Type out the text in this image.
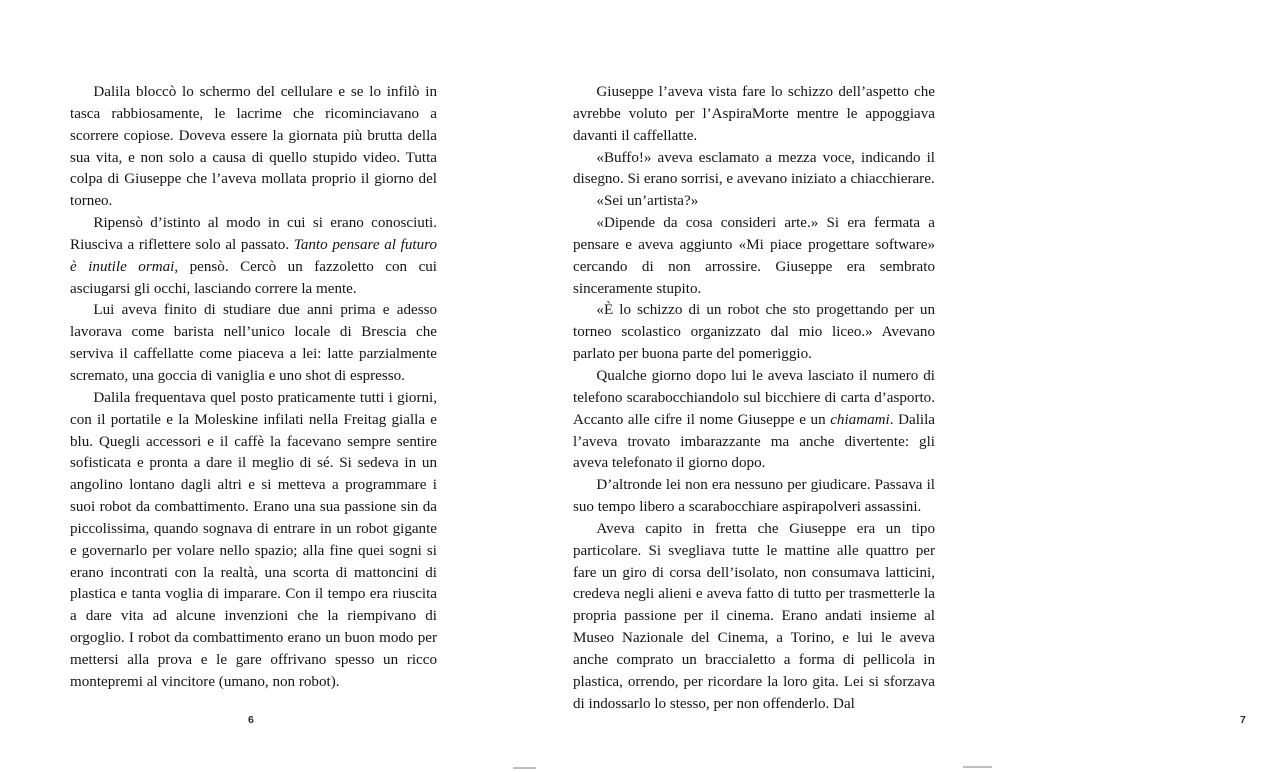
Dalila bloccò lo schermo del cellulare e se lo infilò in tasca rabbiosamente, le lacrime che ricominciavano a scorrere copiose. Doveva essere la giornata più brutta della sua vita, e non solo a causa di quello stupido video. Tutta colpa di Giuseppe che l’aveva mollata proprio il giorno del torneo.

Ripensò d’istinto al modo in cui si erano conosciuti. Riusciva a riflettere solo al passato. Tanto pensare al futuro è inutile ormai, pensò. Cercò un fazzoletto con cui asciugarsi gli occhi, lasciando correre la mente.

Lui aveva finito di studiare due anni prima e adesso lavorava come barista nell’unico locale di Brescia che serviva il caffellatte come piaceva a lei: latte parzialmente scremato, una goccia di vaniglia e uno shot di espresso.

Dalila frequentava quel posto praticamente tutti i giorni, con il portatile e la Moleskine infilati nella Freitag gialla e blu. Quegli accessori e il caffè la facevano sempre sentire sofisticata e pronta a dare il meglio di sé. Si sedeva in un angolino lontano dagli altri e si metteva a programmare i suoi robot da combattimento. Erano una sua passione sin da piccolissima, quando sognava di entrare in un robot gigante e governarlo per volare nello spazio; alla fine quei sogni si erano incontrati con la realtà, una scorta di mattoncini di plastica e tanta voglia di imparare. Con il tempo era riuscita a dare vita ad alcune invenzioni che la riempivano di orgoglio. I robot da combattimento erano un buon modo per mettersi alla prova e le gare offrivano spesso un ricco montepremi al vincitore (umano, non robot).

6

Giuseppe l’aveva vista fare lo schizzo dell’aspetto che avrebbe voluto per l’AspiraMorte mentre le appoggiava davanti il caffellatte.

«Buffo!» aveva esclamato a mezza voce, indicando il disegno. Si erano sorrisi, e avevano iniziato a chiacchierare.

«Sei un’artista?»

«Dipende da cosa consideri arte.» Si era fermata a pensare e aveva aggiunto «Mi piace progettare software» cercando di non arrossire. Giuseppe era sembrato sinceramente stupito.

«È lo schizzo di un robot che sto progettando per un torneo scolastico organizzato dal mio liceo.» Avevano parlato per buona parte del pomeriggio.

Qualche giorno dopo lui le aveva lasciato il numero di telefono scarabocchiandolo sul bicchiere di carta d’asporto. Accanto alle cifre il nome Giuseppe e un chiamami. Dalila l’aveva trovato imbarazzante ma anche divertente: gli aveva telefonato il giorno dopo.

D’altronde lei non era nessuno per giudicare. Passava il suo tempo libero a scarabocchiare aspirapolveri assassini.

Aveva capito in fretta che Giuseppe era un tipo particolare. Si svegliava tutte le mattine alle quattro per fare un giro di corsa dell’isolato, non consumava latticini, credeva negli alieni e aveva fatto di tutto per trasmetterle la propria passione per il cinema. Erano andati insieme al Museo Nazionale del Cinema, a Torino, e lui le aveva anche comprato un braccialetto a forma di pellicola in plastica, orrendo, per ricordare la loro gita. Lei si sforzava di indossarlo lo stesso, per non offenderlo. Dal

7
